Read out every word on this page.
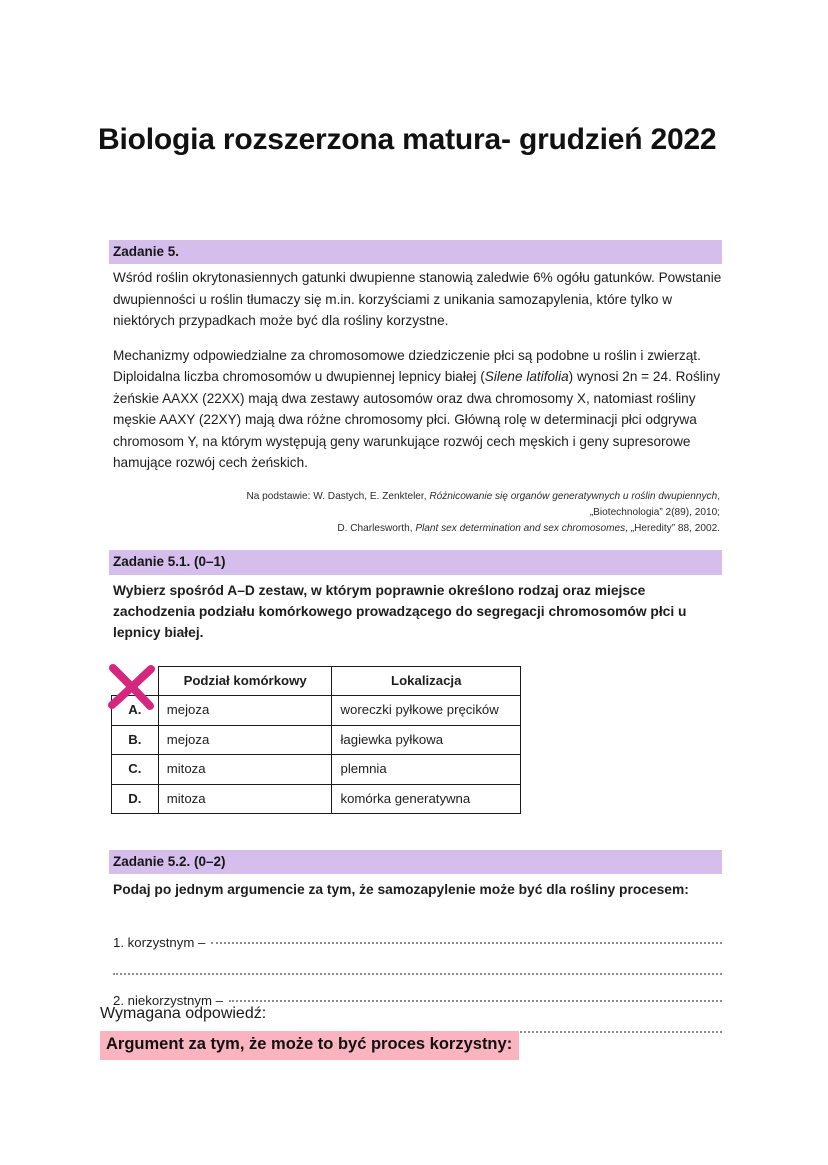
Biologia rozszerzona matura- grudzień 2022
Zadanie 5.

Wśród roślin okrytonasiennych gatunki dwupienne stanowią zaledwie 6% ogółu gatunków. Powstanie dwupienności u roślin tłumaczy się m.in. korzyściami z unikania samozapylenia, które tylko w niektórych przypadkach może być dla rośliny korzystne.

Mechanizmy odpowiedzialne za chromosomowe dziedziczenie płci są podobne u roślin i zwierząt. Diploidalna liczba chromosomów u dwupiennej lepnicy białej (Silene latifolia) wynosi 2n = 24. Rośliny żeńskie AAXX (22XX) mają dwa zestawy autosomów oraz dwa chromosomy X, natomiast rośliny męskie AAXY (22XY) mają dwa różne chromosomy płci. Główną rolę w determinacji płci odgrywa chromosom Y, na którym występują geny warunkujące rozwój cech męskich i geny supresorowe hamujące rozwój cech żeńskich.

Na podstawie: W. Dastych, E. Zenkteler, Różnicowanie się organów generatywnych u roślin dwupiennych,
„Biotechnologia” 2(89), 2010;
D. Charlesworth, Plant sex determination and sex chromosomes, „Heredity” 88, 2002.
Zadanie 5.1. (0–1)

Wybierz spośród A–D zestaw, w którym poprawnie określono rodzaj oraz miejsce zachodzenia podziału komórkowego prowadzącego do segregacji chromosomów płci u lepnicy białej.

	Podział komórkowy	Lokalizacja
A.	mejoza	woreczki pyłkowe pręcików
B.	mejoza	łagiewka pyłkowa
C.	mitoza	plemnia
D.	mitoza	komórka generatywna
Zadanie 5.2. (0–2)

Podaj po jednym argumencie za tym, że samozapylenie może być dla rośliny procesem:

1. korzystnym –
2. niekorzystnym –
Wymagana odpowiedź:
Argument za tym, że może to być proces korzystny:
